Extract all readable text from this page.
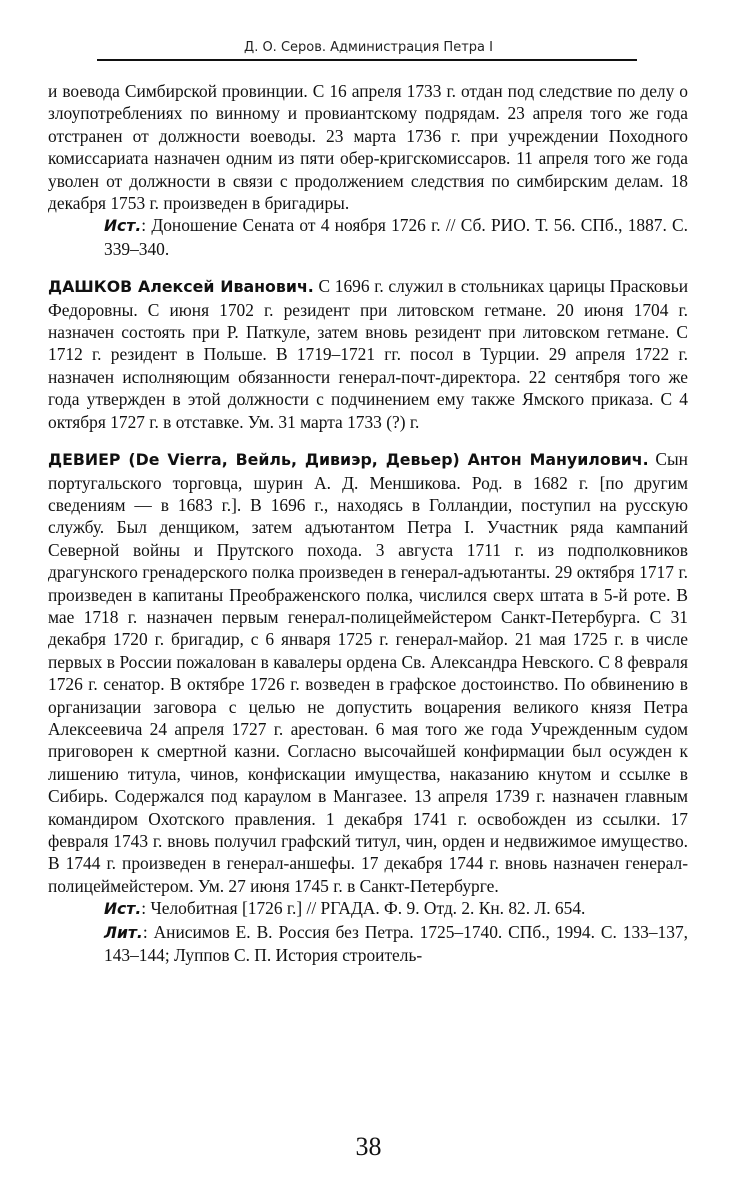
Д. О. Серов. Администрация Петра I

и воевода Симбирской провинции. С 16 апреля 1733 г. отдан под следствие по делу о злоупотреблениях по винному и провиантскому подрядам. 23 апреля того же года отстранен от должности воеводы. 23 марта 1736 г. при учреждении Походного комиссариата назначен одним из пяти обер-кригскомиссаров. 11 апреля того же года уволен от должности в связи с продолжением следствия по симбирским делам. 18 декабря 1753 г. произведен в бригадиры.

Ист.: Доношение Сената от 4 ноября 1726 г. // Сб. РИО. Т. 56. СПб., 1887. С. 339–340.

ДАШКОВ Алексей Иванович. С 1696 г. служил в стольниках царицы Прасковьи Федоровны. С июня 1702 г. резидент при литовском гетмане. 20 июня 1704 г. назначен состоять при Р. Паткуле, затем вновь резидент при литовском гетмане. С 1712 г. резидент в Польше. В 1719–1721 гг. посол в Турции. 29 апреля 1722 г. назначен исполняющим обязанности генерал-почт-директора. 22 сентября того же года утвержден в этой должности с подчинением ему также Ямского приказа. С 4 октября 1727 г. в отставке. Ум. 31 марта 1733 (?) г.

ДЕВИЕР (De Vierra, Вейль, Дивиэр, Девьер) Антон Мануилович. Сын португальского торговца, шурин А. Д. Меншикова. Род. в 1682 г. [по другим сведениям — в 1683 г.]. В 1696 г., находясь в Голландии, поступил на русскую службу. Был денщиком, затем адъютантом Петра I. Участник ряда кампаний Северной войны и Прутского похода. 3 августа 1711 г. из подполковников драгунского гренадерского полка произведен в генерал-адъютанты. 29 октября 1717 г. произведен в капитаны Преображенского полка, числился сверх штата в 5-й роте. В мае 1718 г. назначен первым генерал-полицеймейстером Санкт-Петербурга. С 31 декабря 1720 г. бригадир, с 6 января 1725 г. генерал-майор. 21 мая 1725 г. в числе первых в России пожалован в кавалеры ордена Св. Александра Невского. С 8 февраля 1726 г. сенатор. В октябре 1726 г. возведен в графское достоинство. По обвинению в организации заговора с целью не допустить воцарения великого князя Петра Алексеевича 24 апреля 1727 г. арестован. 6 мая того же года Учрежденным судом приговорен к смертной казни. Согласно высочайшей конфирмации был осужден к лишению титула, чинов, конфискации имущества, наказанию кнутом и ссылке в Сибирь. Содержался под караулом в Мангазее. 13 апреля 1739 г. назначен главным командиром Охотского правления. 1 декабря 1741 г. освобожден из ссылки. 17 февраля 1743 г. вновь получил графский титул, чин, орден и недвижимое имущество. В 1744 г. произведен в генерал-аншефы. 17 декабря 1744 г. вновь назначен генерал-полицеймейстером. Ум. 27 июня 1745 г. в Санкт-Петербурге.

Ист.: Челобитная [1726 г.] // РГАДА. Ф. 9. Отд. 2. Кн. 82. Л. 654.

Лит.: Анисимов Е. В. Россия без Петра. 1725–1740. СПб., 1994. С. 133–137, 143–144; Луппов С. П. История строитель-

38
